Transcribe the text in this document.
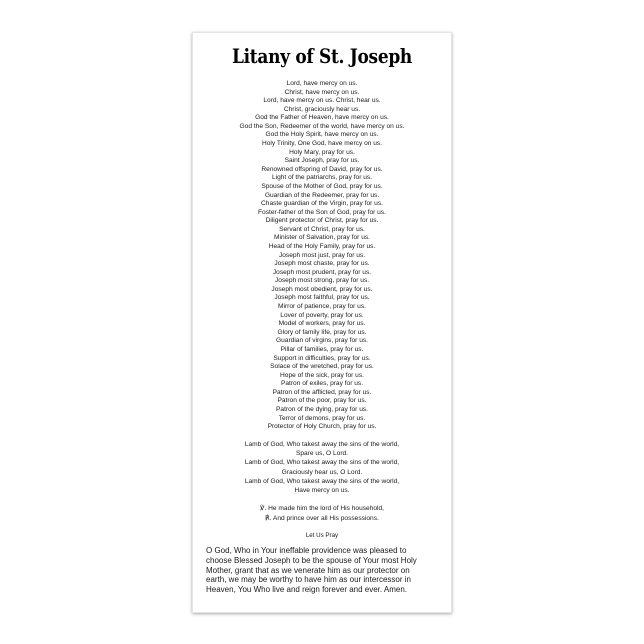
Litany of St. Joseph
Lord, have mercy on us.
Christ, have mercy on us.
Lord, have mercy on us. Christ, hear us.
Christ, graciously hear us.
God the Father of Heaven, have mercy on us.
God the Son, Redeemer of the world, have mercy on us.
God the Holy Spirit, have mercy on us.
Holy Trinity, One God, have mercy on us.
Holy Mary, pray for us.
Saint Joseph, pray for us.
Renowned offspring of David, pray for us.
Light of the patriarchs, pray for us.
Spouse of the Mother of God, pray for us.
Guardian of the Redeemer, pray for us.
Chaste guardian of the Virgin, pray for us.
Foster-father of the Son of God, pray for us.
Diligent protector of Christ, pray for us.
Servant of Christ, pray for us.
Minister of Salvation, pray for us.
Head of the Holy Family, pray for us.
Joseph most just, pray for us.
Joseph most chaste, pray for us.
Joseph most prudent, pray for us.
Joseph most strong, pray for us.
Joseph most obedient, pray for us.
Joseph most faithful, pray for us.
Mirror of patience, pray for us.
Lover of poverty, pray for us.
Model of workers, pray for us.
Glory of family life, pray for us.
Guardian of virgins, pray for us.
Pillar of families, pray for us.
Support in difficulties, pray for us.
Solace of the wretched, pray for us.
Hope of the sick, pray for us.
Patron of exiles, pray for us.
Patron of the afflicted, pray for us.
Patron of the poor, pray for us.
Patron of the dying, pray for us.
Terror of demons, pray for us.
Protector of Holy Church, pray for us.
Lamb of God, Who takest away the sins of the world,
Spare us, O Lord.
Lamb of God, Who takest away the sins of the world,
Graciously hear us, O Lord.
Lamb of God, Who takest away the sins of the world,
Have mercy on us.
℣. He made him the lord of His household,
℟. And prince over all His possessions.
Let Us Pray
O God, Who in Your ineffable providence was pleased to
choose Blessed Joseph to be the spouse of Your most Holy
Mother, grant that as we venerate him as our protector on
earth, we may be worthy to have him as our intercessor in
Heaven, You Who live and reign forever and ever. Amen.
